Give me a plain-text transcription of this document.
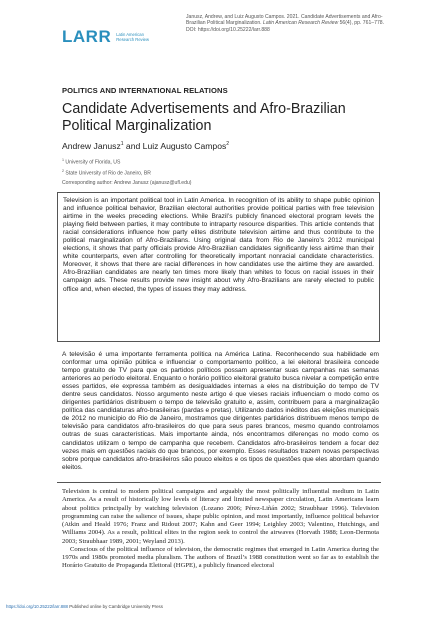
LARR Latin American
Research Review
Janusz, Andrew, and Luiz Augusto Campos. 2021. Candidate Advertisements and Afro-Brazilian Political Marginalization. Latin American Research Review 56(4), pp. 761–778. DOI: https://doi.org/10.25222/larr.888
POLITICS AND INTERNATIONAL RELATIONS
Candidate Advertisements and Afro-Brazilian Political Marginalization
Andrew Janusz$^1$ and Luiz Augusto Campos$^2$
$^1$ University of Florida, US
$^2$ State University of Rio de Janeiro, BR
Corresponding author: Andrew Janusz (ajanusz@ufl.edu)

Television is an important political tool in Latin America. In recognition of its ability to shape public opinion and influence political behavior, Brazilian electoral authorities provide political parties with free television airtime in the weeks preceding elections. While Brazil’s publicly financed electoral program levels the playing field between parties, it may contribute to intraparty resource disparities. This article contends that racial considerations influence how party elites distribute television airtime and thus contribute to the political marginalization of Afro-Brazilians. Using original data from Rio de Janeiro’s 2012 municipal elections, it shows that party officials provide Afro-Brazilian candidates significantly less airtime than their white counterparts, even after controlling for theoretically important nonracial candidate characteristics. Moreover, it shows that there are racial differences in how candidates use the airtime they are awarded. Afro-Brazilian candidates are nearly ten times more likely than whites to focus on racial issues in their campaign ads. These results provide new insight about why Afro-Brazilians are rarely elected to public office and, when elected, the types of issues they may address.

A televisão é uma importante ferramenta política na América Latina. Reconhecendo sua habilidade em conformar uma opinião pública e influenciar o comportamento político, a lei eleitoral brasileira concede tempo gratuito de TV para que os partidos políticos possam apresentar suas campanhas nas semanas anteriores ao período eleitoral. Enquanto o horário político eleitoral gratuito busca nivelar a competição entre esses partidos, ele expressa também as desigualdades internas a eles na distribuição do tempo de TV dentre seus candidatos. Nosso argumento neste artigo é que vieses raciais influenciam o modo como os dirigentes partidários distribuem o tempo de televisão gratuito e, assim, contribuem para a marginalização política das candidaturas afro-brasileiras (pardas e pretas). Utilizando dados inéditos das eleições municipais de 2012 no município do Rio de Janeiro, mostramos que dirigentes partidários distribuem menos tempo de televisão para candidatos afro-brasileiros do que para seus pares brancos, mesmo quando controlamos outras de suas características. Mais importante ainda, nós encontramos diferenças no modo como os candidatos utilizam o tempo de campanha que recebem. Candidatos afro-brasileiros tendem a focar dez vezes mais em questões raciais do que brancos, por exemplo. Esses resultados trazem novas perspectivas sobre porque candidatos afro-brasileiros são pouco eleitos e os tipos de questões que eles abordam quando eleitos.

Television is central to modern political campaigns and arguably the most politically influential medium in Latin America. As a result of historically low levels of literacy and limited newspaper circulation, Latin Americans learn about politics principally by watching television (Lozano 2006; Pérez-Liñán 2002; Straubhaar 1996). Television programming can raise the salience of issues, shape public opinion, and most importantly, influence political behavior (Atkin and Heald 1976; Franz and Ridout 2007; Kahn and Geer 1994; Leighley 2003; Valentino, Hutchings, and Williams 2004). As a result, political elites in the region seek to control the airwaves (Horvath 1988; Leon-Dermota 2003; Straubhaar 1989, 2001; Weyland 2013).

Conscious of the political influence of television, the democratic regimes that emerged in Latin America during the 1970s and 1980s promoted media pluralism. The authors of Brazil’s 1988 constitution went so far as to establish the Horário Gratuito de Propaganda Eleitoral (HGPE), a publicly financed electoral

https://doi.org/10.25222/larr.888 Published online by Cambridge University Press
